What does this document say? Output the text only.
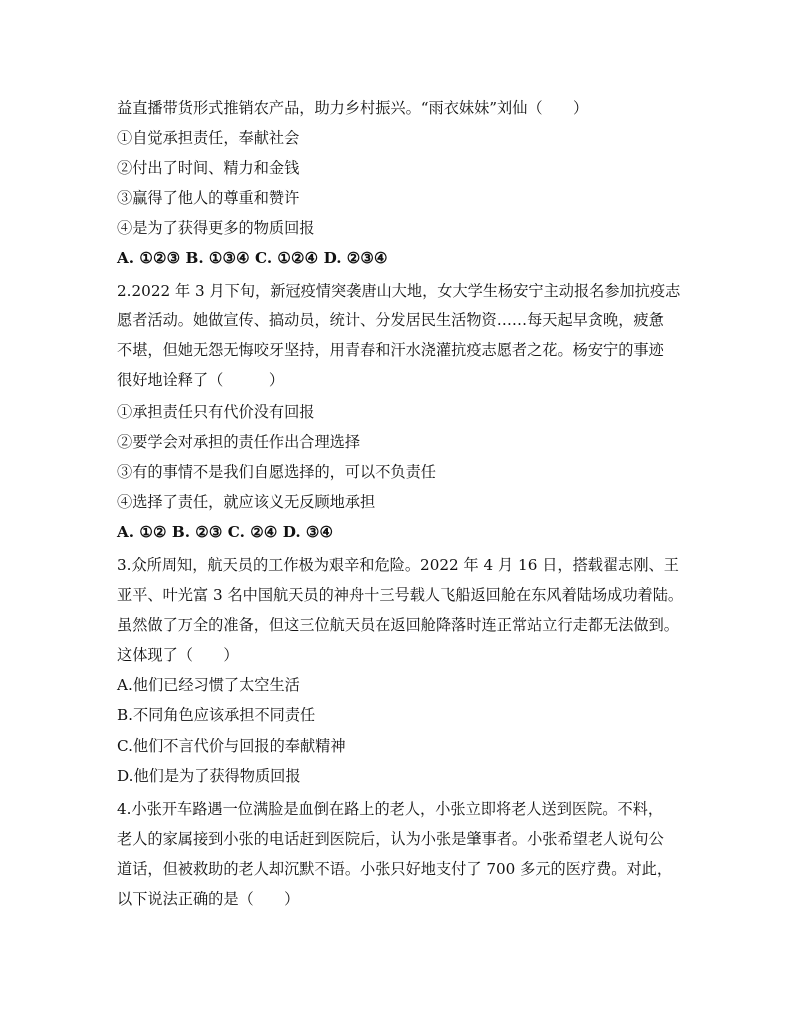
益直播带货形式推销农产品，助力乡村振兴。“雨衣妹妹”刘仙（　　）
①自觉承担责任，奉献社会
②付出了时间、精力和金钱
③赢得了他人的尊重和赞许
④是为了获得更多的物质回报
A. ①②③ B. ①③④ C. ①②④ D. ②③④
2.2022 年 3 月下旬，新冠疫情突袭唐山大地，女大学生杨安宁主动报名参加抗疫志
愿者活动。她做宣传、搞动员，统计、分发居民生活物资……每天起早贪晚，疲惫
不堪，但她无怨无悔咬牙坚持，用青春和汗水浇灌抗疫志愿者之花。杨安宁的事迹
很好地诠释了（　　　）
①承担责任只有代价没有回报
②要学会对承担的责任作出合理选择
③有的事情不是我们自愿选择的，可以不负责任
④选择了责任，就应该义无反顾地承担
A. ①② B. ②③ C. ②④ D. ③④
3.众所周知，航天员的工作极为艰辛和危险。2022 年 4 月 16 日，搭载翟志刚、王
亚平、叶光富 3 名中国航天员的神舟十三号载人飞船返回舱在东风着陆场成功着陆。
虽然做了万全的准备，但这三位航天员在返回舱降落时连正常站立行走都无法做到。
这体现了（　　）
A.他们已经习惯了太空生活
B.不同角色应该承担不同责任
C.他们不言代价与回报的奉献精神
D.他们是为了获得物质回报
4.小张开车路遇一位满脸是血倒在路上的老人，小张立即将老人送到医院。不料，
老人的家属接到小张的电话赶到医院后，认为小张是肇事者。小张希望老人说句公
道话，但被救助的老人却沉默不语。小张只好地支付了 700 多元的医疗费。对此，
以下说法正确的是（　　）
